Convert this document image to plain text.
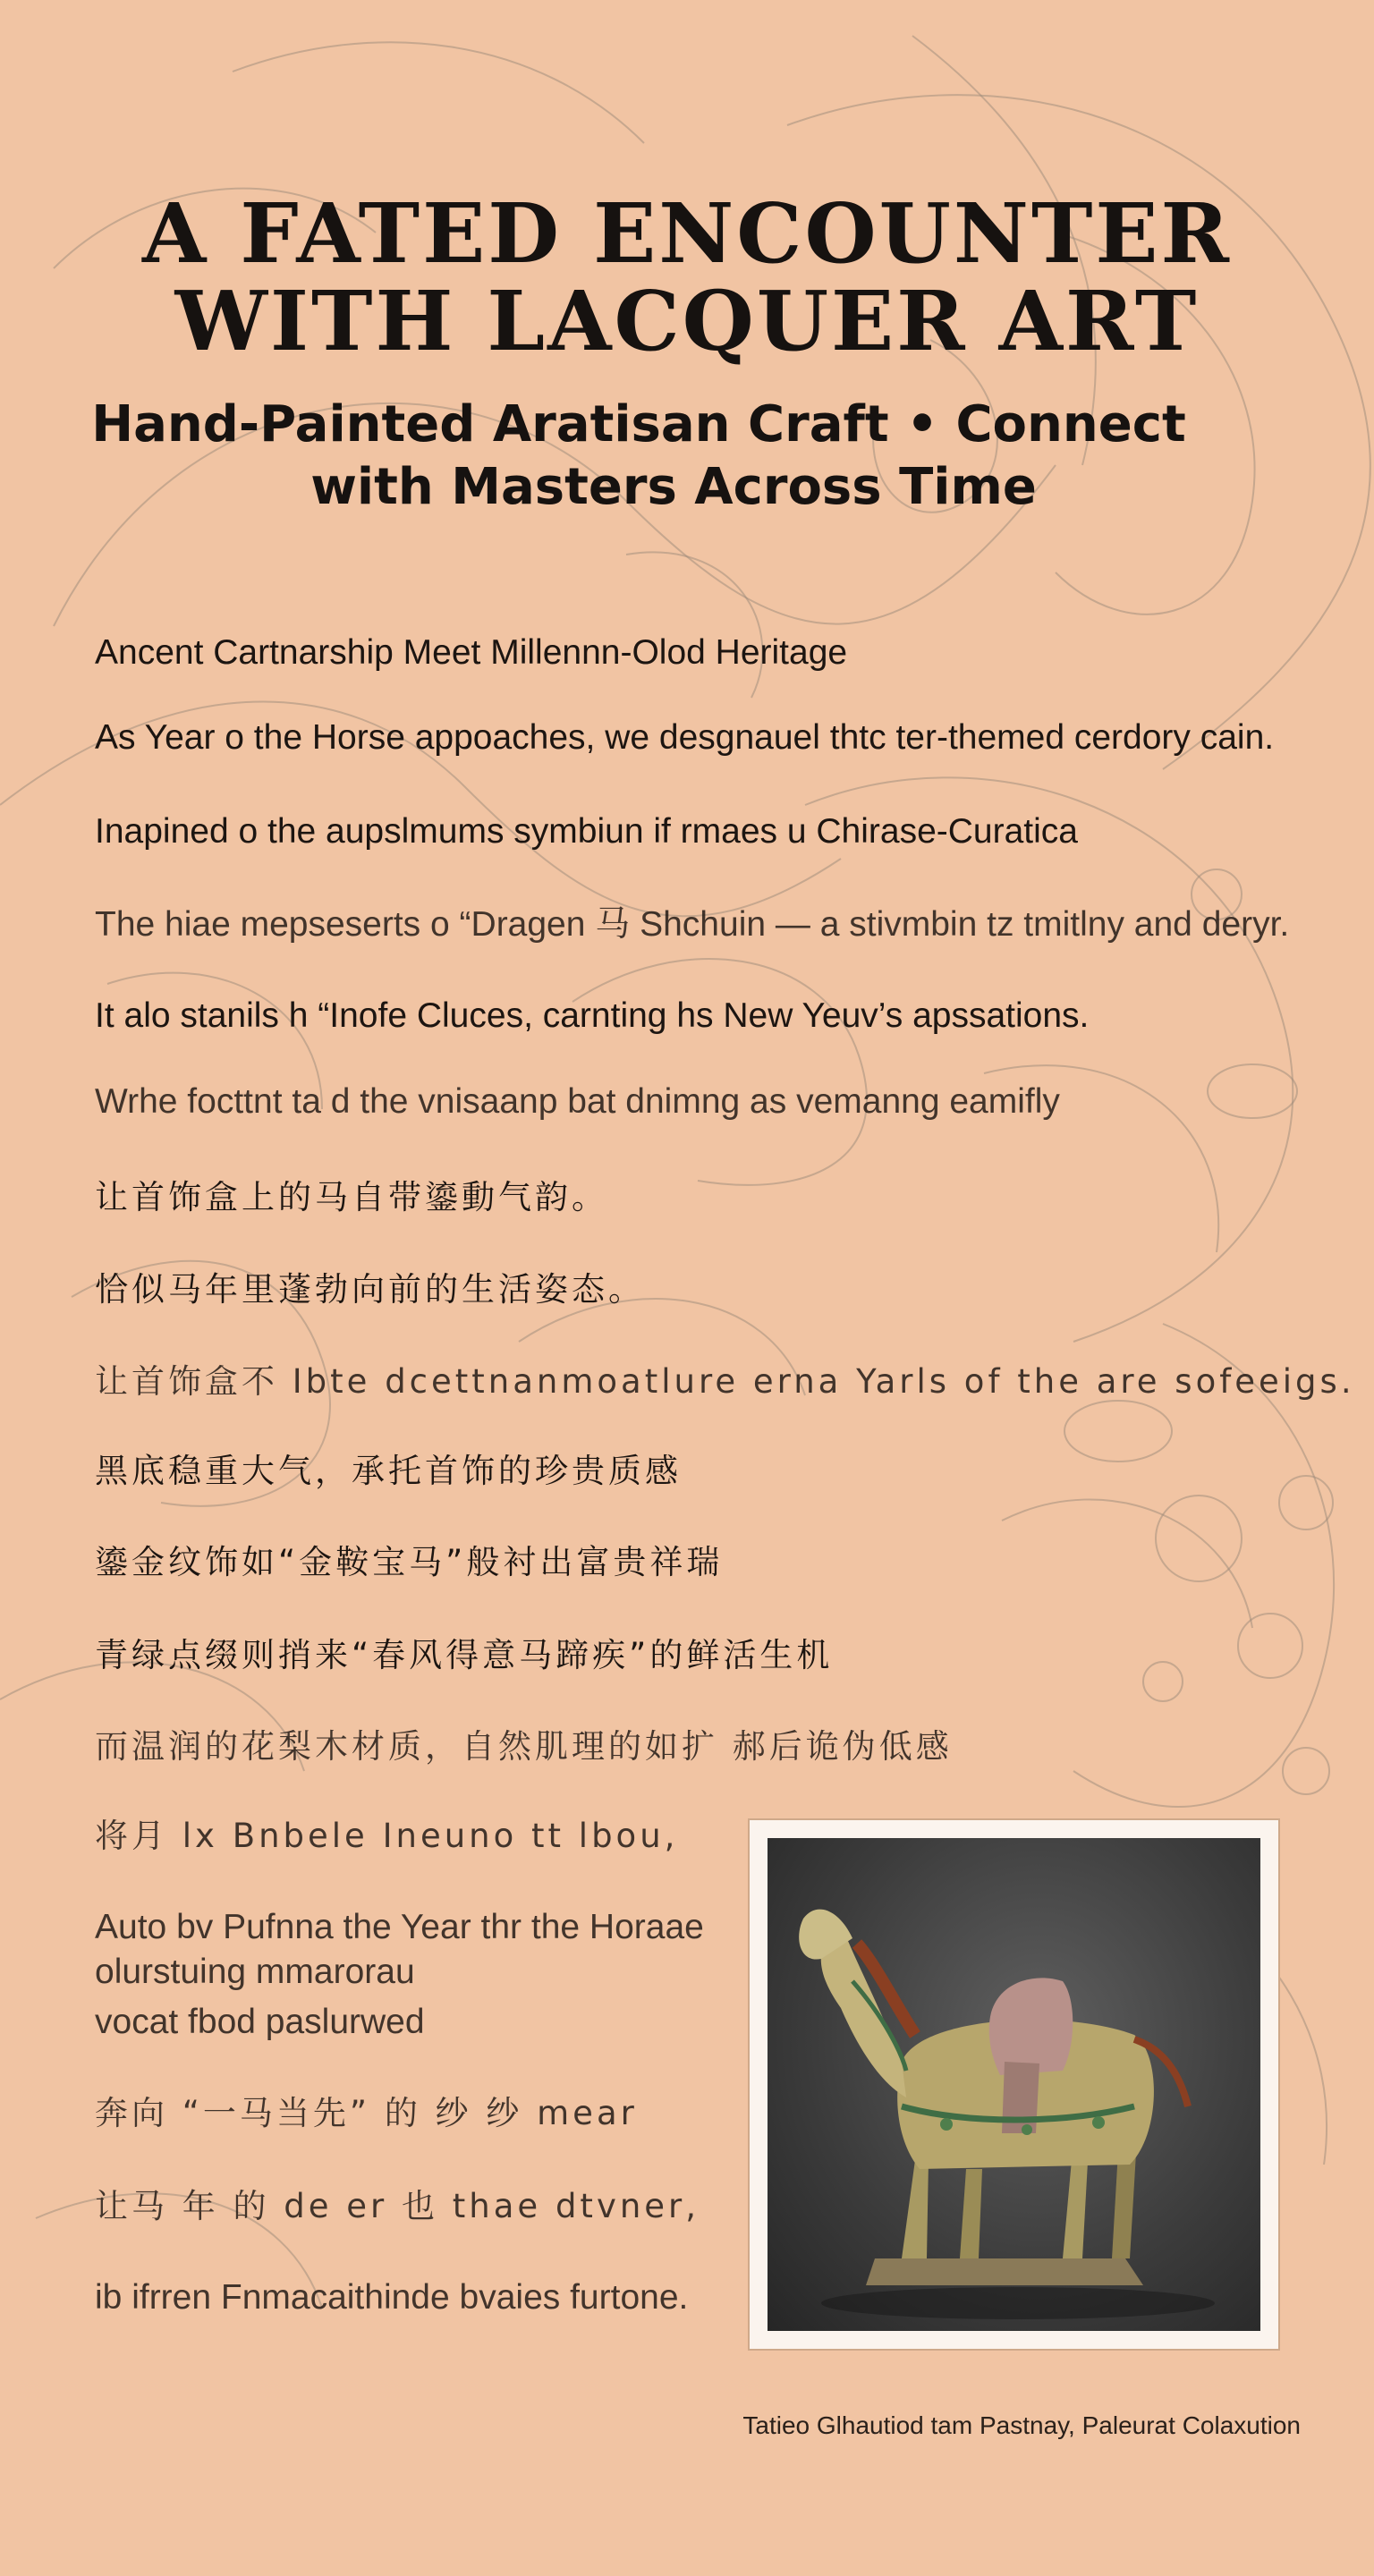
A FATED ENCOUNTER
WITH LACQUER ART
Hand-Painted Aratisan Craft • Connect
with Masters Across Time

Ancent Cartnarship Meet Millennn-Olod Heritage

As Year o the Horse appoaches, we desgnauel thtc ter-themed cerdory cain.

Inapined o the aupslmums symbiun if rmaes u Chirase-Curatica

The hiae mepseserts o “Dragen 马 Shchuin — a stivmbin tz tmitlny and deryr.

It alo stanils h “Inofe Cluces, carnting hs New Yeuv’s apssations.

Wrhe focttnt ta d the vnisaanp bat dnimng as vemanng eamifly

让首饰盒上的马自带鎏動气韵。

恰似马年里蓬勃向前的生活姿态。

让首饰盒不 Ibte dcettnanmoatlure ernа Yarls of the are sofeeigs.

黑底稳重大气，承托首饰的珍贵质感

鎏金纹饰如“金鞍宝马”般衬出富贵祥瑞

青绿点缀则捎来“春风得意马蹄疾”的鲜活生机

而温润的花梨木材质，自然肌理的如扩 郝后诡伪低感

将月 lx Bnbele Ineuno tt lbou,

Auto bv Pufnna the Year thr the Horaae

olurstuing mmarorau

vocat fbod paslurwed

奔向 “一马当先” 的 纱 纱 mear

让马 年 的 de er 也 thae dtvner,

ib ifrren Fnmacaithinde bvaies furtone.

Tatieo Glhautiod tam Pastnay, Paleurat Colaxution
